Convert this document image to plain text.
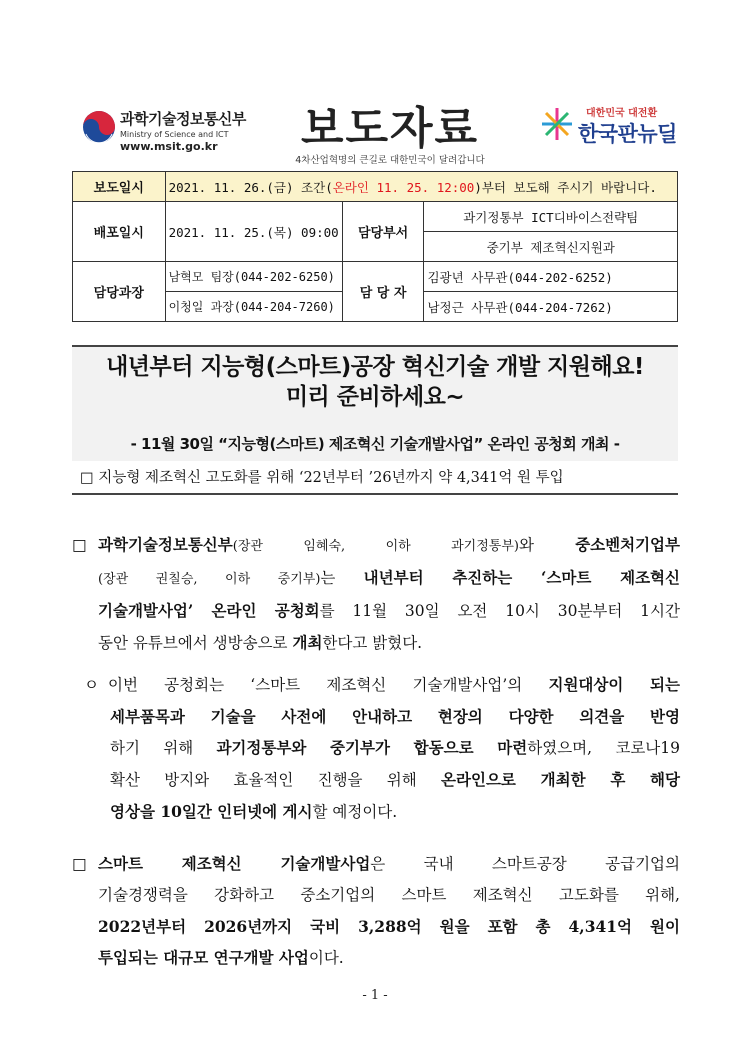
과학기술정보통신부
Ministry of Science and ICT
www.msit.go.kr	보도자료
4차산업혁명의 큰길로 대한민국이 달려갑니다
대한민국 대전환
한국판뉴딜
보도일시	2021. 11. 26.(금) 조간(온라인 11. 25. 12:00)부터 보도해 주시기 바랍니다.		
배포일시	2021. 11. 25.(목) 09:00	담당부서	과기정통부 ICT디바이스전략팀
			중기부 제조혁신지원과
담당과장	남혁모 팀장(044-202-6250)	담 당 자	김광년 사무관(044-202-6252)
	이청일 과장(044-204-7260)		남정근 사무관(044-204-7262)
내년부터 지능형(스마트)공장 혁신기술 개발 지원해요!
미리 준비하세요~
- 11월 30일 “지능형(스마트) 제조혁신 기술개발사업” 온라인 공청회 개최 -
□ 지능형 제조혁신 고도화를 위해 ‘22년부터 ’26년까지 약 4,341억 원 투입
□ 과학기술정보통신부(장관 임혜숙, 이하 과기정통부)와 중소벤처기업부
(장관 권칠승, 이하 중기부)는 내년부터 추진하는 ‘스마트 제조혁신
기술개발사업’ 온라인 공청회를 11월 30일 오전 10시 30분부터 1시간
동안 유튜브에서 생방송으로 개최한다고 밝혔다.
ㅇ 이번 공청회는 ‘스마트 제조혁신 기술개발사업’의 지원대상이 되는
세부품목과 기술을 사전에 안내하고 현장의 다양한 의견을 반영
하기 위해 과기정통부와 중기부가 합동으로 마련하였으며, 코로나19
확산 방지와 효율적인 진행을 위해 온라인으로 개최한 후 해당
영상을 10일간 인터넷에 게시할 예정이다.
□ 스마트 제조혁신 기술개발사업은 국내 스마트공장 공급기업의
기술경쟁력을 강화하고 중소기업의 스마트 제조혁신 고도화를 위해,
2022년부터 2026년까지 국비 3,288억 원을 포함 총 4,341억 원이
투입되는 대규모 연구개발 사업이다.
- 1 -
